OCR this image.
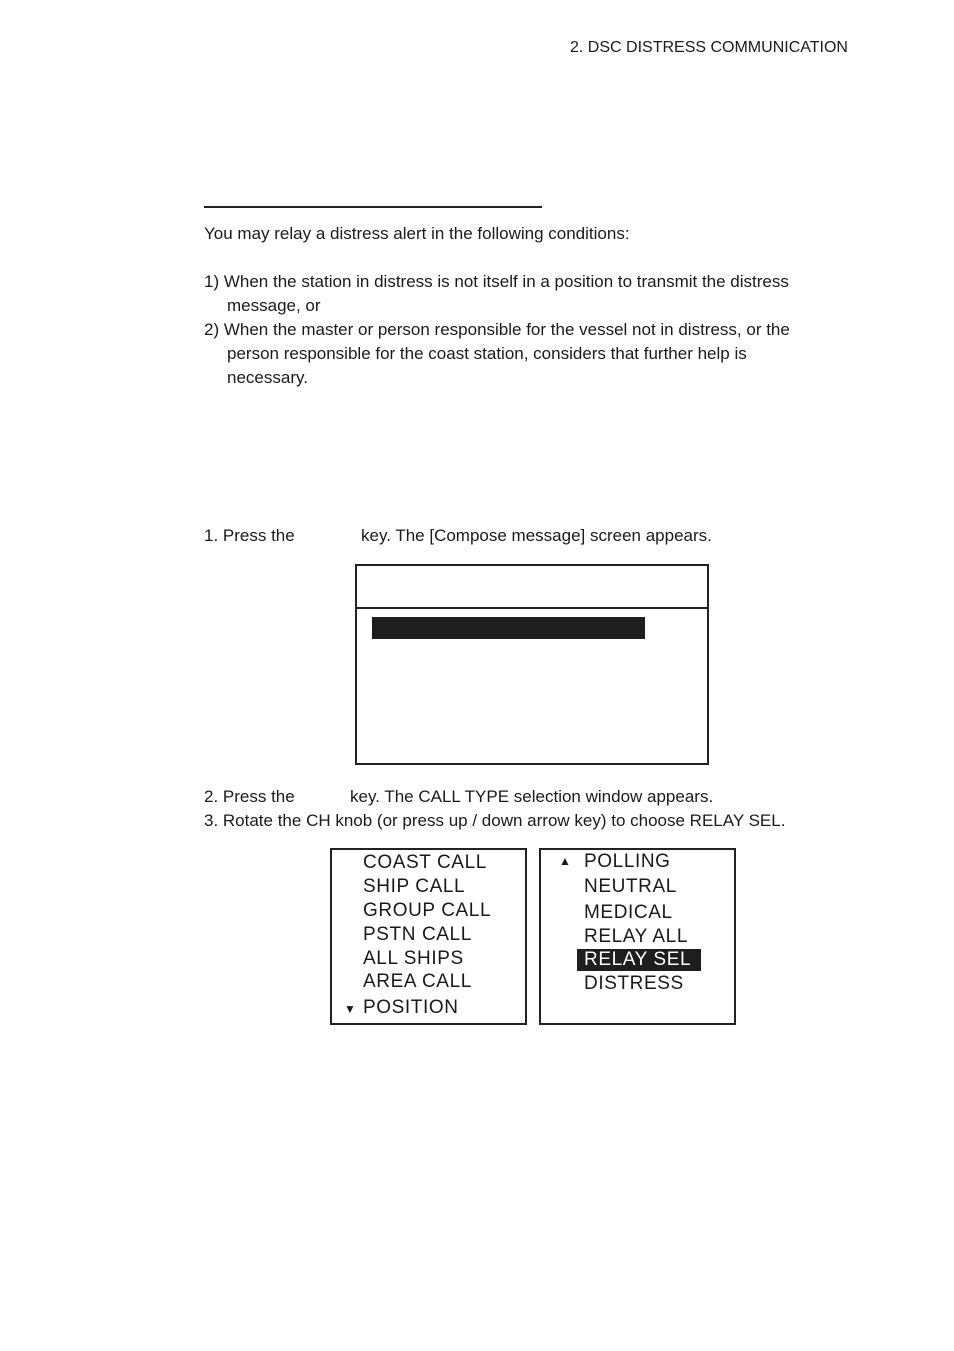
2. DSC DISTRESS COMMUNICATION
You may relay a distress alert in the following conditions:
1) When the station in distress is not itself in a position to transmit the distress
message, or
2) When the master or person responsible for the vessel not in distress, or the
person responsible for the coast station, considers that further help is
necessary.
1. Press the	key. The [Compose message] screen appears.
2. Press the	key. The CALL TYPE selection window appears.
3. Rotate the CH knob (or press up / down arrow key) to choose RELAY SEL.
COAST CALL
SHIP CALL
GROUP CALL
PSTN CALL
ALL SHIPS
AREA CALL
▼ POSITION
▲ POLLING
NEUTRAL
MEDICAL
RELAY ALL
RELAY SEL
DISTRESS
